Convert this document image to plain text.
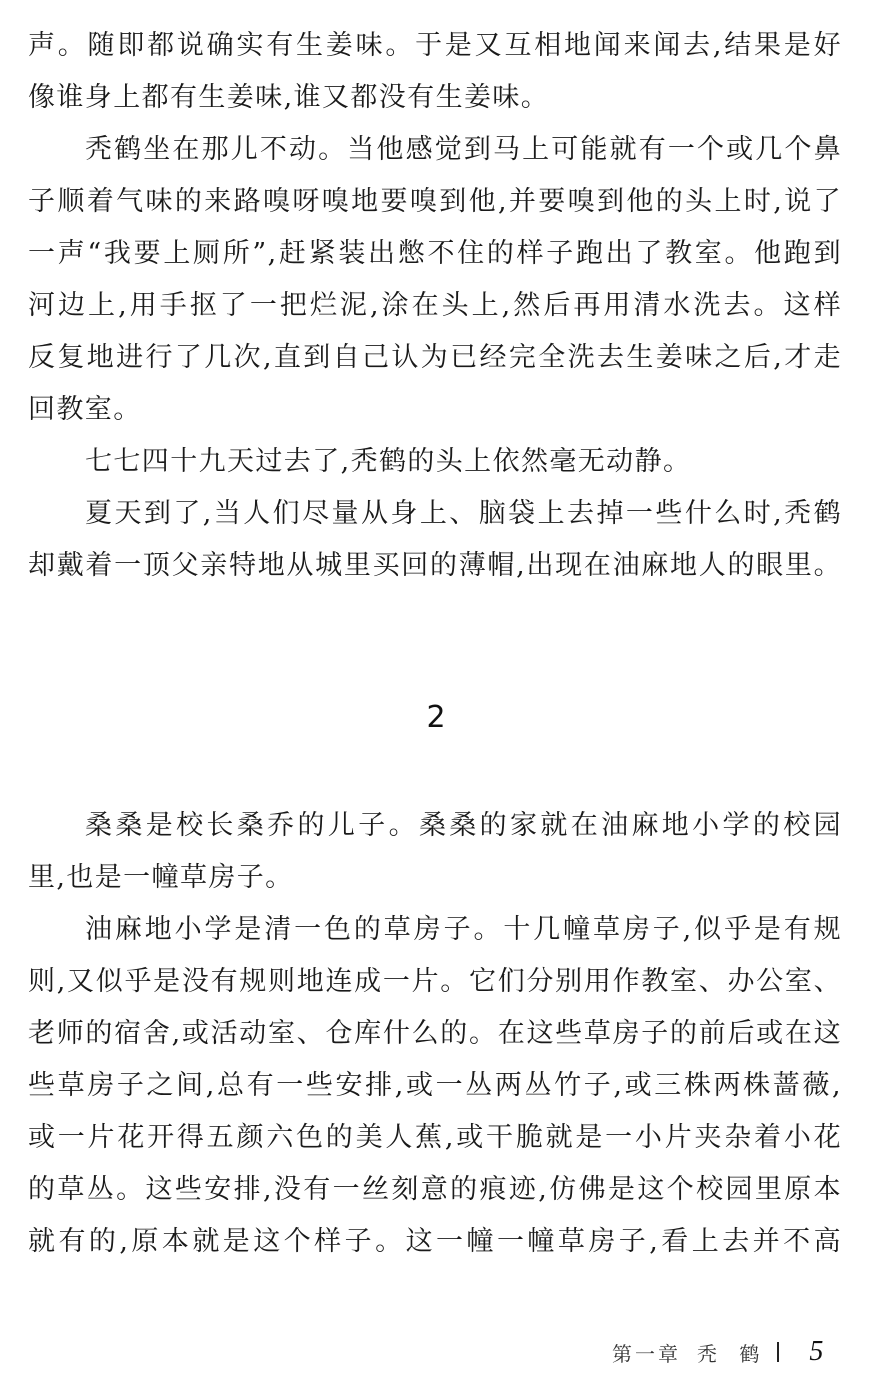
声。随即都说确实有生姜味。于是又互相地闻来闻去,结果是好
像谁身上都有生姜味,谁又都没有生姜味。
秃鹤坐在那儿不动。当他感觉到马上可能就有一个或几个鼻
子顺着气味的来路嗅呀嗅地要嗅到他,并要嗅到他的头上时,说了
一声“我要上厕所”,赶紧装出憋不住的样子跑出了教室。他跑到
河边上,用手抠了一把烂泥,涂在头上,然后再用清水洗去。这样
反复地进行了几次,直到自己认为已经完全洗去生姜味之后,才走
回教室。
七七四十九天过去了,秃鹤的头上依然毫无动静。
夏天到了,当人们尽量从身上、脑袋上去掉一些什么时,秃鹤
却戴着一顶父亲特地从城里买回的薄帽,出现在油麻地人的眼里。
桑桑是校长桑乔的儿子。桑桑的家就在油麻地小学的校园
里,也是一幢草房子。
油麻地小学是清一色的草房子。十几幢草房子,似乎是有规
则,又似乎是没有规则地连成一片。它们分别用作教室、办公室、
老师的宿舍,或活动室、仓库什么的。在这些草房子的前后或在这
些草房子之间,总有一些安排,或一丛两丛竹子,或三株两株蔷薇,
或一片花开得五颜六色的美人蕉,或干脆就是一小片夹杂着小花
的草丛。这些安排,没有一丝刻意的痕迹,仿佛是这个校园里原本
就有的,原本就是这个样子。这一幢一幢草房子,看上去并不高
2
第一章 秃 鹤 5
